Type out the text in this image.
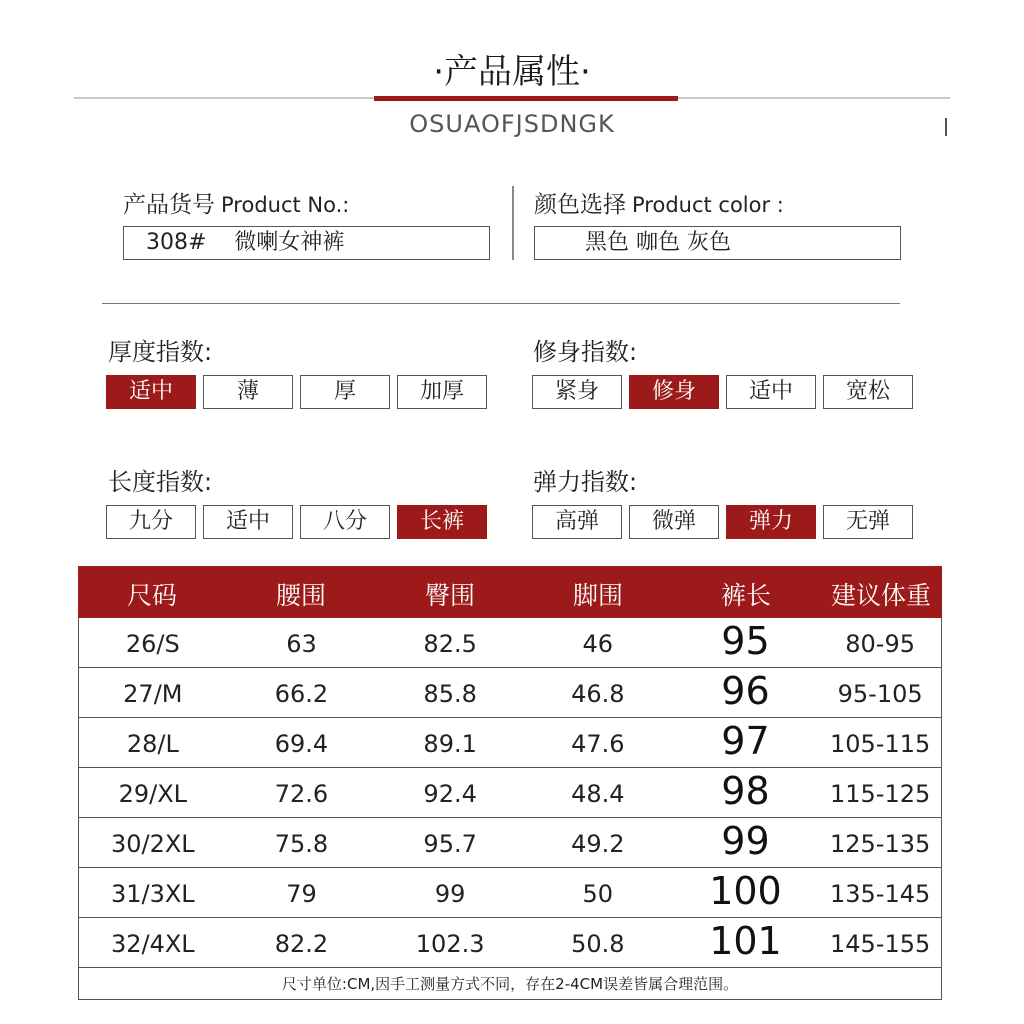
·产品属性·
OSUAOFJSDNGK
产品货号 Product No.:
308#    微喇女神裤
颜色选择 Product color :
黑色 咖色 灰色
厚度指数:
适中	薄	厚	加厚
修身指数:
紧身	修身	适中	宽松
长度指数:
九分	适中	八分	长裤
弹力指数:
高弹	微弹	弹力	无弹
尺码	腰围	臀围	脚围	裤长	建议体重
26/S	63	82.5	46	95	80-95
27/M	66.2	85.8	46.8	96	95-105
28/L	69.4	89.1	47.6	97	105-115
29/XL	72.6	92.4	48.4	98	115-125
30/2XL	75.8	95.7	49.2	99	125-135
31/3XL	79	99	50	100	135-145
32/4XL	82.2	102.3	50.8	101	145-155
尺寸单位:CM,因手工测量方式不同，存在2-4CM误差皆属合理范围。
